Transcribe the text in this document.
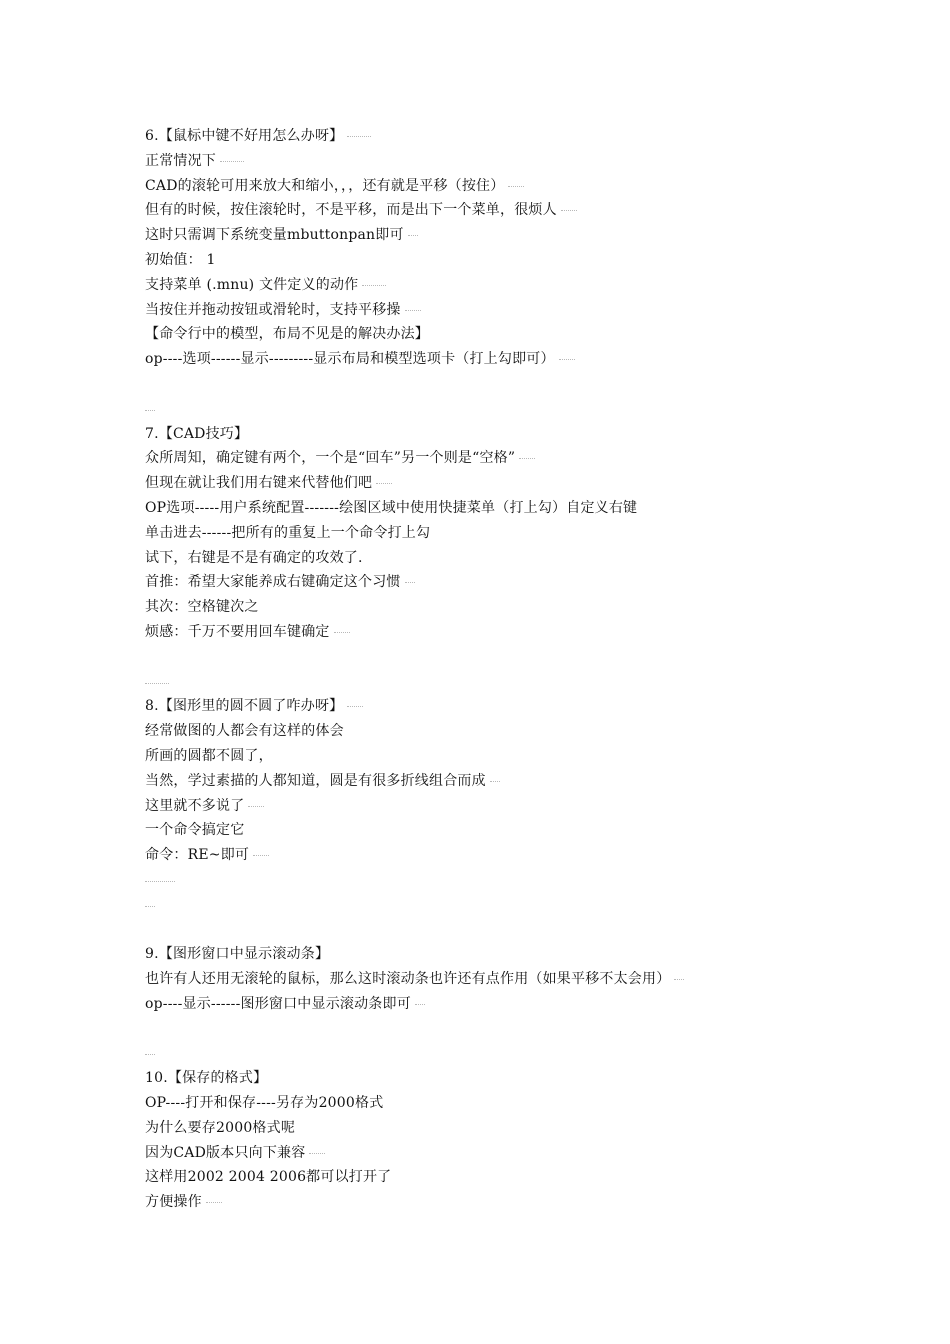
6.【鼠标中键不好用怎么办呀】
正常情况下
CAD的滚轮可用来放大和缩小，，，还有就是平移（按住）
但有的时候，按住滚轮时，不是平移，而是出下一个菜单，很烦人
这时只需调下系统变量mbuttonpan即可
初始值： 1
支持菜单 (.mnu) 文件定义的动作
当按住并拖动按钮或滑轮时，支持平移操
【命令行中的模型，布局不见是的解决办法】
op----选项------显示---------显示布局和模型选项卡（打上勾即可）
7.【CAD技巧】
众所周知，确定键有两个，一个是“回车”另一个则是“空格”
但现在就让我们用右键来代替他们吧
OP选项-----用户系统配置-------绘图区域中使用快捷菜单（打上勾）自定义右键
单击进去------把所有的重复上一个命令打上勾
试下，右键是不是有确定的攻效了.
首推：希望大家能养成右键确定这个习惯
其次：空格键次之
烦感：千万不要用回车键确定
8.【图形里的圆不圆了咋办呀】
经常做图的人都会有这样的体会
所画的圆都不圆了，
当然，学过素描的人都知道，圆是有很多折线组合而成
这里就不多说了
一个命令搞定它
命令：RE~即可
9.【图形窗口中显示滚动条】
也许有人还用无滚轮的鼠标，那么这时滚动条也许还有点作用（如果平移不太会用）
op----显示------图形窗口中显示滚动条即可
10.【保存的格式】
OP----打开和保存----另存为2000格式
为什么要存2000格式呢
因为CAD版本只向下兼容
这样用2002 2004 2006都可以打开了
方便操作
